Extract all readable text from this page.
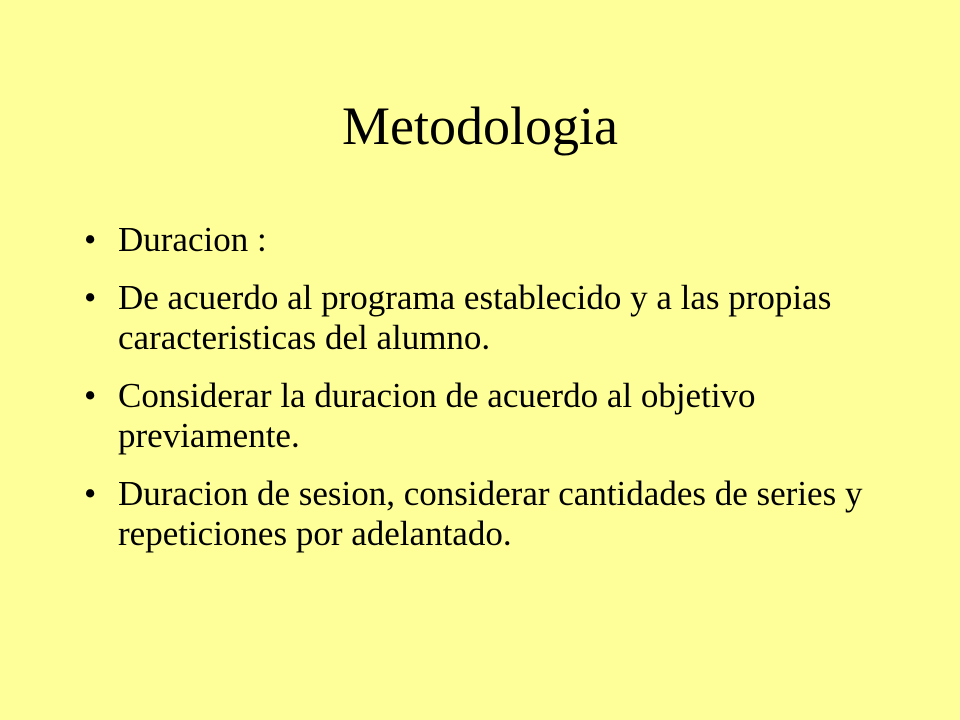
Metodologia
• Duracion :
• De acuerdo al programa establecido y a las propias caracteristicas del alumno.
• Considerar la duracion de acuerdo al objetivo previamente.
• Duracion de sesion, considerar cantidades de series y repeticiones por adelantado.
